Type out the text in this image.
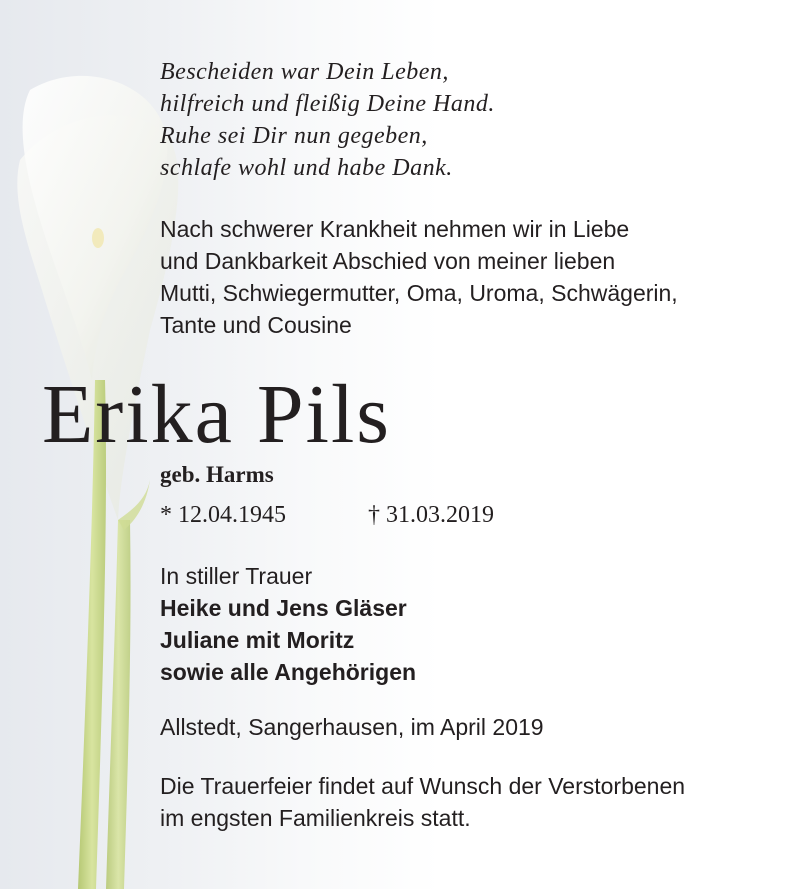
Bescheiden war Dein Leben,
hilfreich und fleißig Deine Hand.
Ruhe sei Dir nun gegeben,
schlafe wohl und habe Dank.
Nach schwerer Krankheit nehmen wir in Liebe
und Dankbarkeit Abschied von meiner lieben
Mutti, Schwiegermutter, Oma, Uroma, Schwägerin,
Tante und Cousine
Erika Pils
geb. Harms
* 12.04.1945	† 31.03.2019
In stiller Trauer
Heike und Jens Gläser
Juliane mit Moritz
sowie alle Angehörigen
Allstedt, Sangerhausen, im April 2019
Die Trauerfeier findet auf Wunsch der Verstorbenen
im engsten Familienkreis statt.
